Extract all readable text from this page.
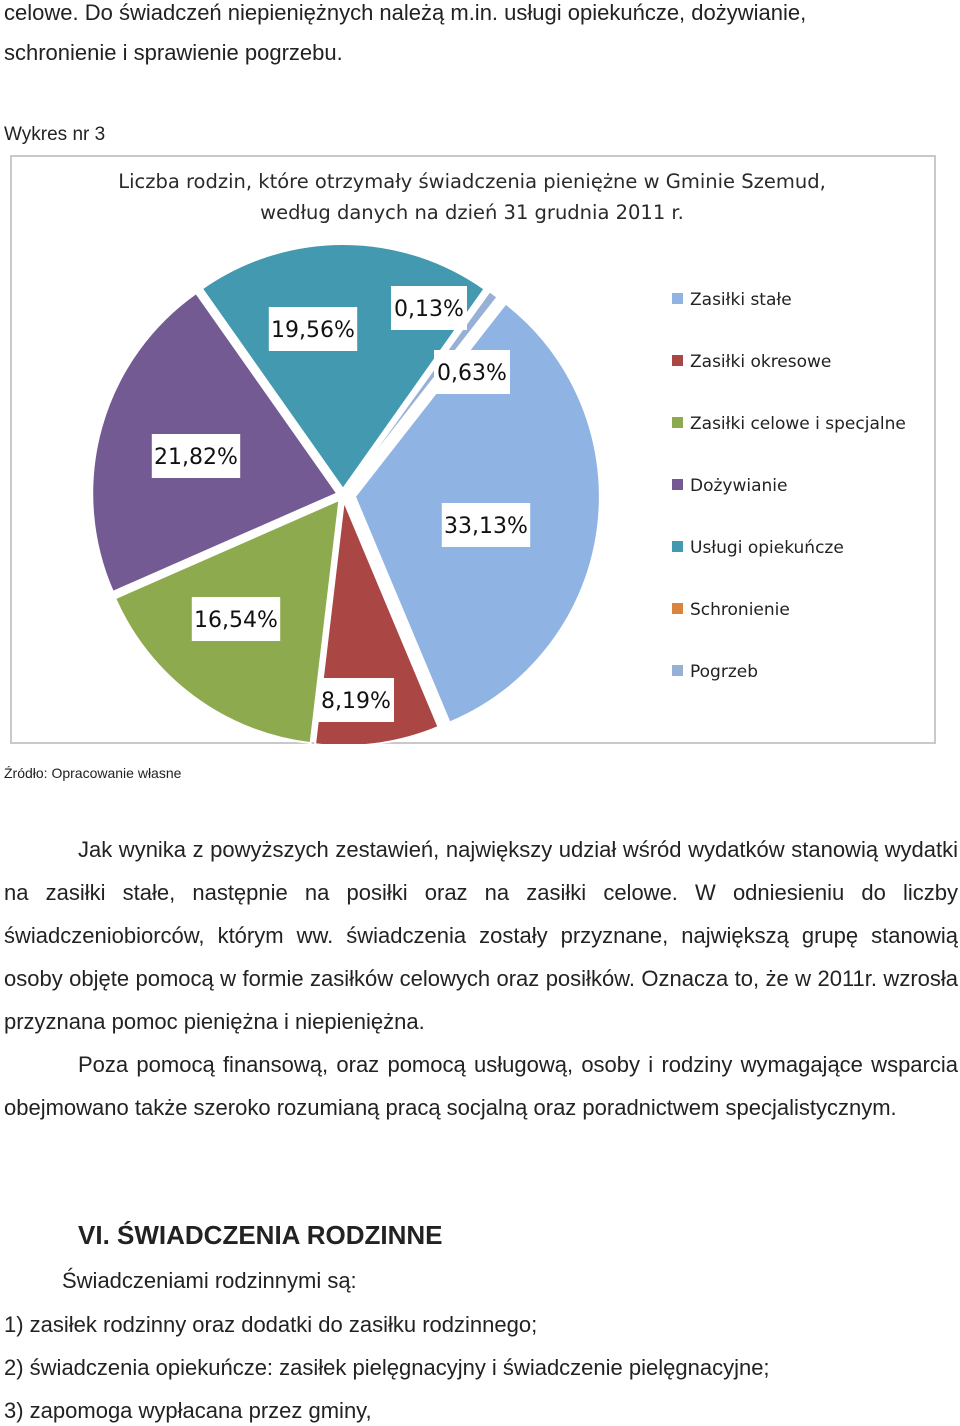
celowe. Do świadczeń niepieniężnych należą m.in. usługi opiekuńcze, dożywianie,
schronienie i sprawienie pogrzebu.
Wykres nr 3
Liczba rodzin, które otrzymały świadczenia pieniężne w Gminie Szemud,
według danych na dzień 31 grudnia 2011 r.
33,13%
8,19%
16,54%
21,82%
19,56%
0,13%
0,63%
Zasiłki stałe
Zasiłki okresowe
Zasiłki celowe i specjalne
Dożywianie
Usługi opiekuńcze
Schronienie
Pogrzeb
Źródło: Opracowanie własne
Jak wynika z powyższych zestawień, największy udział wśród wydatków stanowią wydatki na zasiłki stałe, następnie na posiłki oraz na zasiłki celowe. W odniesieniu do liczby świadczeniobiorców, którym ww. świadczenia zostały przyznane, największą grupę stanowią osoby objęte pomocą w formie zasiłków celowych oraz posiłków. Oznacza to, że w 2011r. wzrosła przyznana pomoc pieniężna i niepieniężna.
Poza pomocą finansową, oraz pomocą usługową, osoby i rodziny wymagające wsparcia obejmowano także szeroko rozumianą pracą socjalną oraz poradnictwem specjalistycznym.
VI. ŚWIADCZENIA RODZINNE
Świadczeniami rodzinnymi są:
1) zasiłek rodzinny oraz dodatki do zasiłku rodzinnego;
2) świadczenia opiekuńcze: zasiłek pielęgnacyjny i świadczenie pielęgnacyjne;
3) zapomoga wypłacana przez gminy,
